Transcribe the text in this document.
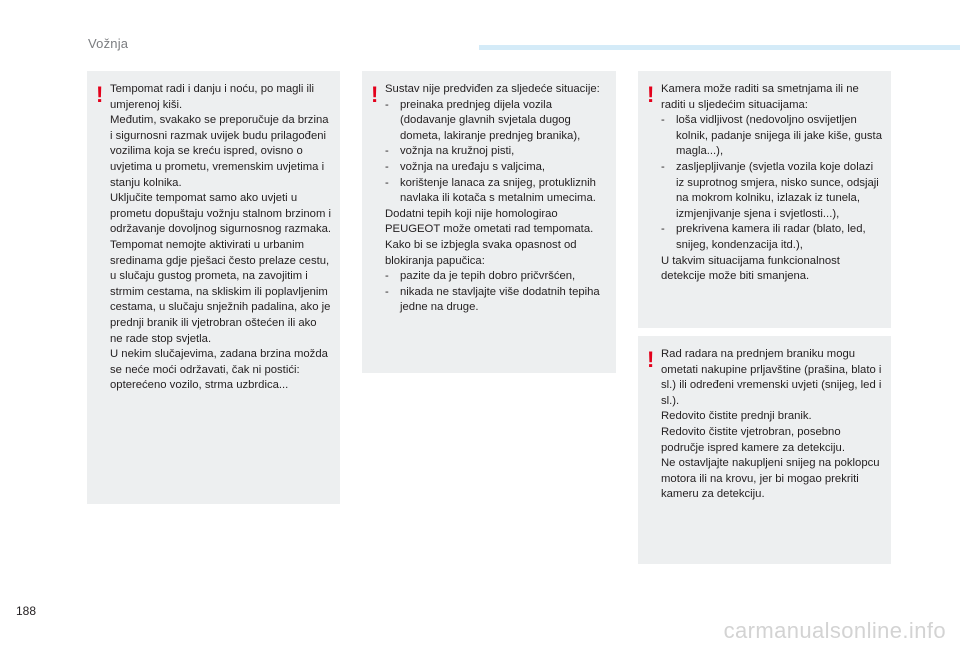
Vožnja
! Tempomat radi i danju i noću, po magli ili umjerenoj kiši.

Međutim, svakako se preporučuje da brzina i sigurnosni razmak uvijek budu prilagođeni vozilima koja se kreću ispred, ovisno o uvjetima u prometu, vremenskim uvjetima i stanju kolnika.

Uključite tempomat samo ako uvjeti u prometu dopuštaju vožnju stalnom brzinom i održavanje dovoljnog sigurnosnog razmaka.

Tempomat nemojte aktivirati u urbanim sredinama gdje pješaci često prelaze cestu, u slučaju gustog prometa, na zavojitim i strmim cestama, na skliskim ili poplavljenim cestama, u slučaju snježnih padalina, ako je prednji branik ili vjetrobran oštećen ili ako ne rade stop svjetla.

U nekim slučajevima, zadana brzina možda se neće moći održavati, čak ni postići: opterećeno vozilo, strma uzbrdica...

! Sustav nije predviđen za sljedeće situacije:

- preinaka prednjeg dijela vozila (dodavanje glavnih svjetala dugog dometa, lakiranje prednjeg branika),
- vožnja na kružnoj pisti,
- vožnja na uređaju s valjcima,
- korištenje lanaca za snijeg, protukliznih navlaka ili kotača s metalnim umecima.

Dodatni tepih koji nije homologirao PEUGEOT može ometati rad tempomata. Kako bi se izbjegla svaka opasnost od blokiranja papučica:

- pazite da je tepih dobro pričvršćen,
- nikada ne stavljajte više dodatnih tepiha jedne na druge.
! Kamera može raditi sa smetnjama ili ne raditi u sljedećim situacijama:

- loša vidljivost (nedovoljno osvijetljen kolnik, padanje snijega ili jake kiše, gusta magla...),
- zasljepljivanje (svjetla vozila koje dolazi iz suprotnog smjera, nisko sunce, odsjaji na mokrom kolniku, izlazak iz tunela, izmjenjivanje sjena i svjetlosti...),
- prekrivena kamera ili radar (blato, led, snijeg, kondenzacija itd.),

U takvim situacijama funkcionalnost detekcije može biti smanjena.

! Rad radara na prednjem braniku mogu ometati nakupine prljavštine (prašina, blato i sl.) ili određeni vremenski uvjeti (snijeg, led i sl.).

Redovito čistite prednji branik.

Redovito čistite vjetrobran, posebno područje ispred kamere za detekciju.

Ne ostavljajte nakupljeni snijeg na poklopcu motora ili na krovu, jer bi mogao prekriti kameru za detekciju.

188
carmanualsonline.info
